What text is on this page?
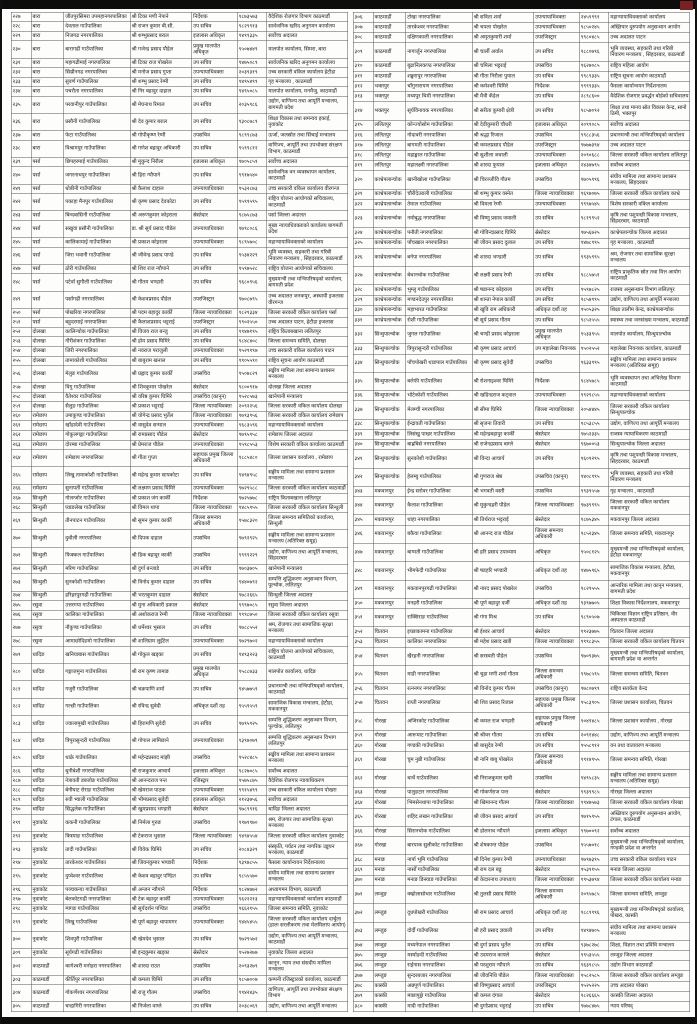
२२७	बारा	जीतपुरसिमरा उपमहानगरपालिका	श्री टिका मणी नेपाने	निर्देशक	९८७३५७३	वैदेशिक रोजगार विभाग काठमाडौं
२२८	बारा	देवताल गाउँपालिका	श्री राजन कुमार बी.सी.	उप सचिव	९८२९९१३	सार्वजनिक खरिद अनुगमन कार्यालय
२२९	बारा	निजगढ नगरपालिका	श्री शम्भुप्रसाद बराल	इजलास अधिकृत	९४९९३३५	सर्वोच्च अदालत
२३०	बारा	बारागढी गाउँपालिका	श्री गजेन्द्र प्रसाद पौडेल	प्रमुख मालपोत अधिकृत	९५०७४४९	मालपोत कार्यालय, सिमरा, बारा
२३१	बारा	महागढीमाई नगरपालिका	श्री टिका राज पोखरेल	उप सचिव	९४७५०८९	सार्वजनिक खरिद अनुगमन कार्यालय
२३२	बारा	सिम्रौनगढ नगरपालिका	श्री मनोज प्रसाद गुप्ता	उपन्यायाधिवक्ता	२०३९३१९	उच्च सरकारी वकिल कार्यालय हेटौडा
२३३	बारा	सुवर्ण गाउँपालिका	श्री शम्भु प्रसाद रेग्मी	उप सचिव	९४९५४९९	गृह मन्त्रालय , काठमाडौं
२३४	बारा	पचरौता नगरपालिका	श्री निर बहादुर दाहाल	उप सचिव	९४९५०८५	मालपोत कार्यालय, मनमैजु, काठमाडौं
२३५	बारा	परवानीपुर गाउँपालिका	श्री मेघनाथ रिमाल	उप सचिव	२०३५९८६	उद्योग, वाणिज्य तथा आपूर्ति मन्त्रालय, बागमती प्रदेश
२३६	बारा	प्रसौनी गाउँपालिका	श्री देव कुमार बराल	उप सचिव	९३०८७८९	शिक्षा विकास तथा समन्वय इकाई, नुवाकोट
२३७	बारा	फेटा गाउँपालिका	श्री गोपीकृष्ण रेग्मी	उपसचिव	९८९९८७३	ऊर्जा, जलस्रोत तथा सिंचाई मन्त्रालय
२३८	बारा	विश्रामपुर गाउँपालिका	श्री गणेश बहादुर अधिकारी	उप सचिव	९५९९८१२	वाणिज्य, आपूर्ति तथा उपभोक्ता संरक्षण विभाग, काठमाडौं
२३९	पर्सा	छिपहरमाई गाउँपालिका	श्री मुकुन्द निरौला	इजलास अधिकृत	९७०५८५९	सर्वोच्च अदालत
२४०	पर्सा	जगरनाथपुर गाउँपालिका	श्री हिरा न्यौपाने	उप सचिव	९९१७५४०	सार्वजनिक वन व्यवस्थापन कार्यालय, काठमाडौं
२४१	पर्सा	धोबीनी गाउँपालिका	श्री कैलाश दाहाल	उपन्यायाधिवक्ता	९५३२८७३	उच्च सरकारी वकिल कार्यालय वीरगन्ज
२४२	पर्सा	पकाहा मैनपुर गाउँपालिका	श्री कृष्ण प्रसाद देवकोटा	उप सचिव	९५९९५९५	राष्ट्रिय योजना आयोगको सचिवालय, काठमाडौं
२४३	पर्सा	बिन्दबासिनी गाउँपालिका	श्री अरुणकुमार कोइराला	स्रेस्तेदार	९८७५८७३	पर्सा जिल्ला अदालत
२४४	पर्सा	सखुवा प्रसौनी गाउँपालिका	डा. श्री सुर्य प्रसाद पौडेल	उपन्यायाधिवक्ता	९७९८०८६	मुख्य न्यायाधिवक्ताको कार्यालय बागमती प्रदेश
२४५	पर्सा	कालिकामाई गाउँपालिका	श्री प्रकाश कोइराला	उपन्यायाधिवक्ता	९८९५७०८	महान्यायाधिवक्ताको कार्यालय
२४६	पर्सा	जिरा भवानी गाउँपालिका	श्री जीवेन्द्र प्रसाद पाण्डे	उप सचिव	९५३४२२९	भूमि व्यवस्था, सहकारी तथा गरिबी निवारण मन्त्रालय , सिंहदरबार, काठमाडौं
२४७	पर्सा	ठोरी गाउँपालिका	श्री शिव राज न्यौपाने	उप सचिव	९५९७५२८	राष्ट्रिय योजना आयोगको सचिवालय
२४८	पर्सा	पटेर्वा सुगौली गाउँपालिका	श्री गौतम भण्डारी	उप सचिव	९६८०९५६	मुख्यमन्त्री तथा मन्त्रिपरिषद्को कार्यालय, बागमती प्रदेश
२४९	पर्सा	पर्सागढी नगरपालिका	श्री केशवप्रसाद पौडेल	उपरजिस्ट्रार	९७०८७९५	उच्च अदालत जनकपुर, अस्थायी इजलास वीरगन्ज
२५०	पर्सा	पोखरिया नगरपालिका	श्री पदम बहादुर कार्की	जिल्ला न्यायाधिवक्ता	९८२९३३४	जिल्ला सरकारी वकिल कार्यालय पर्सा
२५१	पर्सा	बहुदरमाई नगरपालिका	श्री कैलाशप्रसाद भट्टराई	उपरजिस्ट्रार	९९०२५५०	उच्च अदालत पाटन, हेटौडा इजलास
२५२	दोलखा	कालिन्चोक गाउँपालिका	श्री विजय राज बन्जु	उप सचिव	९९४७१९५	राष्ट्रिय किताबखाना ललितपुर
२५३	दोलखा	गौरीशंकर गाउँपालिका	श्री होम प्रसाद घिमिरे	उप सचिव	९८४८४०८	जिल्ला समन्वय समिति, दोलखा
२५४	दोलखा	जिरी नगरपालिका	श्री नवराज पराजुली	उपन्यायाधिवक्ता	९५२९९९७	उच्च सरकारी वकिल कार्यालय पाटन
२५५	दोलखा	तामाकोशी गाउँपालिका	श्री बाबुराम खनाल	उप सचिव	९९०५५९०	राष्ट्रिय सूचना आयोग काठमाडौं
२५६	दोलखा	मेलुङ गाउँपालिका	श्री प्रह्लाद कुमार कार्की	उपसचिव	९५०७८२९	सङ्घीय मामिला तथा सामान्य प्रशासन मन्त्रालय
२५७	दोलखा	विगु गाउँपालिका	श्री शिवकुमार पोखरेल	स्रेस्तेदार	९८००९१७	दोलखा जिल्ला अदालत
२५८	दोलखा	वैतेश्वर गाउँपालिका	श्री वरिष्ठ कुमार घिमिरे	उपसचिव (कानून)	९५२८५७३	खानेपानी मन्त्रालय
२५९	दोलखा	सैलुङ गाउँपालिका	श्री प्रकाश भट्टराई	जिल्ला न्यायाधिवक्ता	२०९२२५६	जिल्ला सरकारी वकिल कार्यालय दोलखा
२६०	रामेछाप	उमाकुण्ड गाउँपालिका	श्री योगेन्द्र प्रसाद भुर्तेल	जिल्ला न्यायाधिवक्ता	९७९३९५६	जिल्ला सरकारी वकिल कार्यालय रामेछाप
२६१	रामेछाप	खाँडादेवी गाउँपालिका	श्री वासुदेव सन्माल	उपन्यायाधिवक्ता	९६८३५९६	महान्यायाधिवक्ताको कार्यालय
२६२	रामेछाप	गोकुलगङ्गा गाउँपालिका	श्री रामप्रसाद पौडेल	स्रेस्तेदार	९७९५९५८	रामेछाप जिल्ला अदालत
२६३	रामेछाप	दोरम्बा गाउँपालिका	श्री प्रेमराज पौडेल	उपन्यायाधिवक्ता	९५९८५५३	विशेष सरकारी वकिल कार्यालय काठमाडौं
२६४	रामेछाप	रामेछाप नगरपालिका	श्री गीता गुप्ता	सहायक प्रमुख जिल्ला अधिकारी	९८८५४८०	जिल्ला प्रशासन कार्यालय , रामेछाप
२६५	रामेछाप	लिखु तामाकोशी गाउँपालिका	श्री महेन्द्र कुमार सापकोटा	उप सचिव	९४९४९५८	सङ्घीय मामिला तथा सामान्य प्रशासन मन्त्रालय
२६६	रामेछाप	सुनापती गाउँपालिका	श्री लक्ष्मण प्रसाद घिमिरे	उपन्यायाधिवक्ता	९७२९५८८	जिल्ला सरकारी वकिल कार्यालय काठमाडौं
२६७	सिन्धुली	गोलन्जोर गाउँपालिका	श्री प्रकाश जंग कार्की	निर्देशक	९७२५७७८	राष्ट्रिय किताबखाना ललितपुर
२६८	सिन्धुली	घ्याङलेख गाउँपालिका	श्री विमल थापा	जिल्ला न्यायाधिवक्ता	९४८५९५५	जिल्ला सरकारी वकिल कार्यालय सिन्धुली
२६९	सिन्धुली	तीनपाटन गाउँपालिका	श्री सुमन कुमार कार्की	जिल्ला समन्वय अधिकारी	९५७८३२०	जिल्ला समन्वय समितिको कार्यालय, सिन्धुली
२७०	सिन्धुली	दुधौली नगरपालिका	श्री दिपक दाहाल	उपसचिव	९७९२९२५	सङ्घीय मामिला तथा सामान्य प्रशासन मन्त्रालय (अतिरिक्त समूह)
२७१	सिन्धुली	फिक्कल गाउँपालिका	श्री डिक बहादुर कार्की	उपसचिव	९९९९२२९	उद्योग, वाणिज्य तथा आपूर्ति मन्त्रालय, सिंहदरबार
२७२	सिन्धुली	मरिण गाउँपालिका	श्री दुर्गा बन्जाडे	उप सचिव	९७०३७०५	खानेपानी मन्त्रालय
२७३	सिन्धुली	सुनकोशी गाउँपालिका	श्री विनोद कुमार दाहाल	उप सचिव	९४४०७९२	सम्पत्ति शुद्धिकरण अनुसन्धान विभाग, पुल्चोक, ललितपुर
२७४	सिन्धुली	हरिहरपुरगढी गाउँपालिका	श्री भरतकुमार दाहाल	स्रेस्तेदार	९७८२६६५	सिन्धुली जिल्ला अदालत
२७५	रसुवा	उत्तरगया गाउँपालिका	श्री मुना अधिकारी ढकाल	स्रेस्तेदार	९९९७०८५	रसुवा जिल्ला अदालत
२७६	रसुवा	कालिका गाउँपालिका	श्री अशोकराज रेग्मी	जिल्ला न्यायाधिवक्ता	९९९८७५०	जिल्ला सरकारी वकिल कार्यालय रसुवा
२७७	रसुवा	नौकुण्ड गाउँपालिका	श्री धर्मेश्वर भुसाल	उप सचिव	९७८८५५२	श्रम, रोजगार तथा सामाजिक सुरक्षा मन्त्रालय
२७८	रसुवा	आमाछोदिङमो गाउँपालिका	श्री शालिग्राम लुइँटेल	उपन्यायाधिवक्ता	९७२९७०२	महान्यायाधिवक्ताको कार्यालय
२७९	धादिङ	खनियाबास गाउँपालिका	श्री गोकुल खड्का	उप सचिव	९४९३२२३	राष्ट्रिय योजना आयोगको सचिवालय, काठमाडौं
२८०	धादिङ	गङ्गाजमुना गाउँपालिका	श्री राम कृष्ण तामाङ	प्रमुख मालपोत अधिकृत	९५८८७३३	मालपोत कार्यालय, धादिङ
२८१	धादिङ	गजुरी गाउँपालिका	श्री चक्रपाणि शर्मा	उप सचिव	९४५७७५९	प्रधानमन्त्री तथा मन्त्रिपरिषद्को कार्यालय, काठमाडौं
२८२	धादिङ	गल्छी गाउँपालिका	श्री रविन्द्र सुवेदी	अधिकृत दशौं तह	९५५९५५९	सामाजिक विकास मन्त्रालय, हेटौडा, मकवानपुर
२८३	धादिङ	ज्वालामूखी गाउँपालिका	श्री हिरामणि सुवेदी	उप सचिव	९७९५९२५	सम्पत्ति शुद्धिकरण अनुसन्धान विभाग, पुल्चोक, ललितपुर
२८४	धादिङ	त्रिपुरासुन्दरी गाउँपालिका	श्री गोपाल लामिछाने	उपन्यायाधिवक्ता	९३९७०७९	सम्पत्ति शुद्धिकरण अनुसन्धान विभाग ललितपुर
२८५	धादिङ	थाक्रे गाउँपालिका	श्री महेन्द्रप्रसाद मांझी	उपसचिव	९५२८४८५	सङ्घीय मामिला तथा सामान्य प्रशासन मन्त्रालय
२८६	धादिङ	धुनीबेशी नगरपालिका	श्री राजकुमार आचार्य	इजलास अधिकृत	९८२७०८५	सर्वोच्च अदालत
२८७	धादिङ	नेत्रावती डबजोङ गाउँपालिका	श्री आनन्दराज पन्त	रजिस्ट्रार	९५७५८७५	वैदेशिक रोजगार न्यायाधिकरण
२८८	धादिङ	बेनीघाट रोराङ गाउँपालिका	श्री खेमराज पाठक	उपन्यायाधिवक्ता	९९१५४९९	उच्च सरकारी वकिल कार्यालय पोखरा
२८९	धादिङ	रुवी भ्याली गाउँपालिका	श्री भीमप्रसाद सुवेदी	इजलास अधिकृत	२१२३७५६	सर्वोच्च अदालत
२९०	धादिङ	सिद्धलेक गाउँपालिका	श्री खुमप्रसाद भण्डारी	स्रेस्तेदार	९७८९९१६	धादिङ जिल्ला अदालत
२९१	नुवाकोट	ककनी गाउँपालिका	श्री निर्मला गुरुङ	उपसचिव	९९७९९७०	श्रम, रोजगार तथा सामाजिक सुरक्षा मन्त्रालय
२९२	नुवाकोट	किस्पाङ गाउँपालिका	श्री टेकराज भुसाल	जिल्ला न्यायाधिवक्ता	९४९४५५४	जिल्ला सरकारी वकिल कार्यालय नुवाकोट
२९३	नुवाकोट	तादी गाउँपालिका	श्री विवेक घिमिरे	उप सचिव	२०८४३२९	संस्कृति, पर्यटन तथा नागरिक उड्डयन मन्त्रालय, काठमाडौं
२९४	नुवाकोट	तारकेश्वर गाउँपालिका	श्री जिवनकुमार भण्डारी	निर्देशक	९३९७८५५	फैसला कार्यान्वयन निर्देशनालय
२९५	नुवाकोट	दुप्चेश्वर गाउँपालिका	श्री केशव बहादुर पण्डित	उप सचिव	९८५५५७०	संघीय मामिला तथा सामान्य प्रशासन मन्त्रालय
२९६	नुवाकोट	पञ्चकन्या गाउँपालिका	श्री अन्जन न्यौपाने	निर्देशक	९८२४७७२	अध्यागमन विभाग, काठमाडौं
२९७	नुवाकोट	बेलकोटगढी नगरपालिका	श्री टेक बहादुर कार्की	उपन्यायाधिवक्ता	९६२२२१३	महान्यायाधिवक्ताको कार्यालय काठमाडौं
२९८	नुवाकोट	म्यगङ गाउँपालिका	श्री सूर्यदर्शन पण्डित	उपसचिव	९६६२१५५	जिल्ला समन्वय समिति, नुवाकोट
२९९	नुवाकोट	लिखु गाउँपालिका	श्री पूर्ण बहादुर थापामगर	उपन्यायाधिवक्ता	९४४५४५५	जिल्ला सरकारी वकिल कार्यालय दार्चुला (हालः सरलीकरण तथा मेलमिलाप आयोग)
३००	नुवाकोट	शिवपुरी गाउँपालिका	श्री खेमदेव भुसाल	उप सचिव	९७२९५७२	उद्योग, वाणिज्य तथा आपूर्ति मन्त्रालय, काठमाडौं
३०१	नुवाकोट	सूर्यगढी गाउँपालिका	श्री इन्द्रकुमार खड्का	स्रेस्तेदार	९५२७२७७	नुवाकोट जिल्ला अदालत
३०२	काठमाडौं	कागेश्वरी मनोहरा नगरपालिका	श्री शारदा राउत	उपसचिव	२०९३२७९	कानून, न्याय तथा संसदीय मामिला मन्त्रालय
३०३	काठमाडौं	कीर्तिपुर नगरपालिका	श्री कमला घिमिरे	उप सचिव	९८५७००७	कम्पनी रजिस्ट्रारको कार्यालय, काठमाडौं
३०४	काठमाडौं	गोकर्णेश्वर नगरपालिका	श्री राजु गौतम	उपसचिव	९९४२४३५	वाणिज्य, आपूर्ति तथा उपभोक्ता संरक्षण विभाग
३०५	काठमाडौं	चन्द्रागिरी नगरपालिका	श्री निर्जला वाग्ले	उप सचिव	२०३८०६९	उद्योग, वाणिज्य तथा आपूर्ति मन्त्रालय
३०६	काठमाडौं	टोखा नगरपालिका	श्री सविता शर्मा	उपन्यायाधिवक्ता	२४५९९९१	महान्यायाधिवक्ताको कार्यालय
३०७	काठमाडौं	तारकेश्वर नगरपालिका	श्री चपला पोखरेल	उपन्यायाधिवक्ता	९८५०२४५	अख्तियार दुरुपयोग अनुसन्धान आयोग
३०८	काठमाडौं	दक्षिणकाली नगरपालिका	श्री अमृतकुमारी शर्मा	उपरजिस्ट्रार	९९८०४८५	उच्च अदालत पाटन
३०९	काठमाडौं	नागार्जुन नगरपालिका	श्री चार्ली अर्याल	उप सचिव	९८८०७९६	भूमि व्यवस्था, सहकारी तथा गरिबी निवारण मन्त्रालय , सिंहदरबार, काठमाडौं
३१०	काठमाडौं	बुढानिलकण्ठ नगरपालिका	श्री चमिला भट्टराई	उपसचिव	९६२७०८५	राष्ट्रिय महिला आयोग
३११	काठमाडौं	शङ्खरापुर नगरपालिका	श्री गीता निरौला पुयाल	उप सचिव	९९८९३३५	राष्ट्रिय सूचना आयोग काठमाडौं
३१२	भक्तपुर	चाँगुनारायण नगरपालिका	श्री कमेश्वरी घिमिरे	निर्देशक	९९९९३३५	फैसला कार्यान्वयन निर्देशनालय
३१३	भक्तपुर	मध्यपुर थिमी नगरपालिका	श्री मैत्री कँडेल	उप सचिव	२८९८६००	वैदेशिक रोजगार प्रवर्द्धन बोर्डको सचिवालय
३१४	भक्तपुर	सूर्यविनायक नगरपालिका	श्री सरीता कुमारी क्षेत्री	उप सचिव	९८५७०९२	शिक्षा तथा मानव स्रोत विकास केन्द्र, सानो ठिमी, भक्तपुर
३१५	ललितपुर	कोन्ज्योसोम गाउँपालिका	श्री देवीकुमारी चौधरी	इजलास अधिकृत	२०९९०८५	सर्वोच्च अदालत
३१६	ललितपुर	गोदावरी नगरपालिका	श्री श्रद्धा रिजाल	उपसचिव	९९८८३५६	प्रधानमन्त्री तथा मन्त्रिपरिषद्को कार्यालय
३१७	ललितपुर	बागमती गाउँपालिका	श्री कमलप्रसाद पौडेल	उपरजिस्ट्रार	९७७७३९४	उच्च अदालत पाटन
३१८	ललितपुर	महाङ्काल गाउँपालिका	श्री सुशीला जवाली	उपन्यायाधिवक्ता	२०९०६८८	जिल्ला सरकारी वकिल कार्यालय ललितपुर
३१९	ललितपुर	महालक्ष्मी नगरपालिका	श्री शारदा फुयाल	इजलास अधिकृत	२४३४७९५	सर्वोच्च अदालत
३२०	काभ्रेपलान्चोक	खानीखोला गाउँपालिका	श्री चिरञ्जीवि गौतम	उपसचिव	९७०५९९६	संघीय मामिला तथा सामान्य प्रशासन मन्त्रालय, सिंहदरबार
३२१	काभ्रेपलान्चोक	चौरीदेउराली गाउँपालिका	श्री शम्भु कुमार वस्नेत	जिल्ला न्यायाधिवक्ता	९६९७०७५	जिल्ला सरकारी वकिल कार्यालय काभ्रे
३२२	काभ्रेपलान्चोक	तेमाल गाउँपालिका	श्री विमला रेग्मी	उपन्यायाधिवक्ता	९९९७५४५	विशेष सरकारी वकिल कार्यालय
३२३	काभ्रेपलान्चोक	नमोबुद्ध नगरपालिका	श्री विष्णु प्रसाद जवाली	उप सचिव	९८१९९५२	कृषि तथा पशुपन्छी विकास मन्त्रालय, सिंहदरबार, काठमाडौं
३२४	काभ्रेपलान्चोक	पनौती नगरपालिका	श्री गोविन्दप्रसाद घिमिरे	स्रेस्तेदार	९७५६७२५	काभ्रेपलान्चोक जिल्ला अदालत
३२५	काभ्रेपलान्चोक	पाँचखाल नगरपालिका	श्री जीवन प्रसाद दुलाल	उप सचिव	९४७८९९५	गृह मन्त्रालय , काठमाडौं
३२६	काभ्रेपलान्चोक	बनेपा नगरपालिका	श्री शारदा भण्डारी	उप सचिव	९९३५९९५	श्रम, रोजगार तथा सामाजिक सुरक्षा मन्त्रालय
३२७	काभ्रेपलान्चोक	बेथानचोक गाउँपालिका	श्री लक्ष्मी प्रसाद रेग्मी	उप सचिव	९८८५७५१	राष्ट्रिय प्राकृतिक स्रोत तथा वित्त आयोग काठमाडौं
३२८	काभ्रेपलान्चोक	भुम्लु गाउँपालिका	श्री षडानन्द कोइराला	उप सचिव	९५९७८२५	राजस्व अनुसन्धान विभाग ललितपुर
३२९	काभ्रेपलान्चोक	मण्डनदेउपुर नगरपालिका	श्री शान्ता नेपाल कार्की	उप सचिव	९८५४९९५	उद्योग, वाणिज्य तथा आपूर्ति मन्त्रालय
३३०	काभ्रेपलान्चोक	महाभारत गाउँपालिका	श्री खुवि राम अधिकारी	अधिकृत दशौं तह	९५०५३२५	शिक्षा तालीम केन्द्र, काभ्रेपलान्चोक
३३१	काभ्रेपलान्चोक	रोशी गाउँपालिका	श्री सूर्य प्रसाद गौतम	उप सचिव	९८५२५५५	स्वास्थ्य तथा जनसंख्या मन्त्रालय, काठमाडौं
३३२	सिन्धुपाल्चोक	जुगल गाउँपालिका	श्री चण्डी प्रसाद कोइराला	प्रमुख मालपोत अधिकृत	९५३३९५५	मालपोत कार्यालय, सिन्धुपाल्चोक
३३३	सिन्धुपाल्चोक	त्रिपुरासुन्दरी गाउँपालिका	श्री कृष्ण प्रसाद आचार्य	उप महालेखा नियन्त्रक	९५०२५५२	महालेखा नियन्त्रक कार्यालय, काठमाडौं
३३४	सिन्धुपाल्चोक	पाँचपोखरी थाङपाल गाउँपालिका	श्री कृष्ण प्रसाद सुवेदी	उपसचिव	९६३३९९५	सङ्घीय मामिला तथा सामान्य प्रशासन मन्त्रालय (अतिरिक्त समूह)
३३५	सिन्धुपाल्चोक	बलेफी गाउँपालिका	श्री रोशनाइश्वर घिमिरे	निर्देशक	९८४५७८५	भूमि व्यवस्थापन तथा अभिलेख विभाग काठमाडौं
३३६	सिन्धुपाल्चोक	भोटेकोशी गाउँपालिका	श्री खडिन्द्रराज कट्वाल	उपन्यायाधिवक्ता	९९२९८५५	महान्यायाधिवक्ताको कार्यालय
३३७	सिन्धुपाल्चोक	मेलम्ची नगरपालिका	श्री सीमा घिमिरे	जिल्ला न्यायाधिवक्ता	२०५४४४५	जिल्ला सरकारी वकिल कार्यालय सिन्धुपाल्चोक
३३८	सिन्धुपाल्चोक	ईन्द्रावती गाउँपालिका	श्री सृजना तिवारी	उप सचिव	९८५३८५५	उद्योग, वाणिज्य तथा आपूर्ति मन्त्रालय
३३९	सिन्धुपाल्चोक	लिसंखु पाखर गाउँपालिका	श्री महेन्द्रबहादुर कार्की	स्रेस्तेदार	९७५२३३५	राजस्व न्यायाधिकरण काठमाडौं
३४०	सिन्धुपाल्चोक	बाह्रबिसे नगरपालिका	श्री राजेन्द्रप्रसाद बाग्ले	स्रेस्तेदार	९६७००५३	सिन्धुपाल्चोक जिल्ला अदालत
३४१	सिन्धुपाल्चोक	सुनकोशी गाउँपालिका	श्री विन्दा आचार्य	उप सचिव	९६०९२९५	कृषि तथा पशुपन्छी विकास मन्त्रालय, सिंहदरबार, काठमाडौं
३४२	सिन्धुपाल्चोक	हेलम्बु गाउँपालिका	श्री गुणराज श्रेष्ठ	उपसचिव (कानून)	९४०८९९५	भूमि व्यवस्था, सहकारी तथा गरिबी निवारण मन्त्रालय
३४३	मकवानपुर	ईन्द्र सरोवर गाउँपालिका	श्री भगवती वस्ती	उपसचिव	९९३९५५७	गृह मन्त्रालय , काठमाडौं
३४४	मकवानपुर	कैलाश गाउँपालिका	श्री मुकुन्दहरी पौडेल	जिल्ला न्यायाधिवक्ता	९७३९९९५	जिल्ला सरकारी वकिल कार्यालय मकवानपुर
३४५	मकवानपुर	थाहा नगरपालिका	श्री तिर्थराज भट्टराई	स्रेस्तेदार	९८७५३४५	मकवानपुर जिल्ला अदालत
३४६	मकवानपुर	बकैया गाउँपालिका	श्री आनन्द राज पौडेल	जिल्ला समन्वय अधिकारी	९८५२३४५	जिल्ला समन्वय समिति, मकवानपुर
३४७	मकवानपुर	बाग्मती गाउँपालिका	श्री हरि प्रसाद उपाध्याय	अधिकृत	९५०८१२५	मुख्यमन्त्री तथा मन्त्रिपरिषद्को कार्यालय, हेटौडा मकवानपुर
३४८	मकवानपुर	भीमफेदी गाउँपालिका	श्री षडहरि भण्डारी	अधिकृत दशौं तह	९४७५९६५	सामाजिक विकास मन्त्रालय, हेटौडा, मकवानपुर
३४९	मकवानपुर	मकवानपुरगढी गाउँपालिका	श्री नारद प्रसाद पोखरेल	उपसचिव	९८२९५५५	आन्तरिक मामिला तथा कानून मन्त्रालय, बागमती प्रदेश
३५०	मकवानपुर	मनहरी गाउँपालिका	श्री पूर्ण बहादुर दर्जी	अधिकृत दशौं तह	९३९७७०५	शिक्षा विकास निर्देशनालय, मकवानपुर
३५१	मकवानपुर	राक्सिराङ गाउँपालिका	श्री गंगा मिश्र	उप सचिव	९८९०५०७	चिकित्सा विज्ञान राष्ट्रिय प्रतिष्ठान, वीर अस्पताल काठमाडौं
३५२	चितवन	इच्छाकामना गाउँपालिका	श्री ईश्वर आचार्य	स्रेस्तेदार	९९२३७७५	चितवन जिल्ला अदालत
३५३	चितवन	कालिका नगरपालिका	श्री महेश प्रसाद खत्री	जिल्ला न्यायाधिवक्ता	९९९८३५५	जिल्ला सरकारी वकिल कार्यालय चितवन
३५४	चितवन	खैरहनी नगरपालिका	श्री सरस्वती पौडेल	उपसचिव	९७०९३७५	मुख्यमन्त्री तथा मन्त्रिपरिषद्को कार्यालय, बागमती प्रदेश वा अन्तर्गत
३५५	चितवन	माडी नगरपालिका	श्री चुडा मणी शर्मा गौतम	जिल्ला समन्वय अधिकारी	९९७८५९५	जिल्ला समन्वय समिति, चितवन
३५६	चितवन	रत्ननगर नगरपालिका	श्री विनोद कुमार गौतम	उपसचिव (कानून)	९७८०७९९	राष्ट्रिय सतर्कता केन्द्र
३५७	चितवन	राप्ती नगरपालिका	श्री शिव प्रसाद रिजाल	सहायक प्रमुख जिल्ला अधिकारी	९५८३९०५	जिल्ला प्रशासन कार्यालय, चितवन
३५८	गोरखा	अजिरकोट गाउँपालिका	श्री कमल राज भण्डारी	सहायक प्रमुख जिल्ला अधिकारी	९०४९४८५	जिल्ला प्रशासन कार्यालय , गोरखा
३५९	गोरखा	आरूघाट गाउँपालिका	श्री श्रीधर गौतम	उप सचिव	२०९१४४८	उद्योग, वाणिज्य तथा आपूर्ति मन्त्रालय
३६०	गोरखा	गण्डकी गाउँपालिका	श्री बासुदेव रेग्मी	उप सचिव	९५५८९१२	वन तथा वातावरण मन्त्रालय
३६१	गोरखा	चुम नुब्री गाउँपालिका	श्री नानि बाबु पोखरेल	जिल्ला समन्वय अधिकारी	९९१४९५५	जिल्ला समन्वय समिति, गोरखा
३६२	गोरखा	धार्चे गाउँपालिका	श्री निराजकुमार खत्री	उपसचिव	९४९५८३५	सङ्घीय मामिला तथा सामान्य प्रशासन मन्त्रालय (अतिरिक्त समूह)
३६३	गोरखा	पालुङटार नगरपालिका	श्री गोकर्णराज पन्त	स्रेस्तेदार	९९३९९८५	गोरखा जिल्ला अदालत
३६४	गोरखा	भिमसेनथापा गाउँपालिका	श्री खिमानन्द गौतम	जिल्ला न्यायाधिवक्ता	९९४७५७३	जिल्ला सरकारी वकिल कार्यालय गोरखा
३६५	गोरखा	शहिद लखन गाउँपालिका	श्री जीवन प्रसाद आचार्य	उप सचिव	९७१५९५५	अख्तियार दुरुपयोग अनुसन्धान आयोग, टंगाल, काठमाडौं
३६६	गोरखा	सिरानचोक गाउँपालिका	श्री डोलनाथ न्यौपाने	इजलास अधिकृत	९९७००९२	सर्वोच्च अदालत
३६७	गोरखा	बारपाक सुलीकोट गाउँपालिका	श्री शेषकान्त पौडेल	उपसचिव	९५५७०१८	मुख्यमन्त्री तथा मन्त्रिपरिषद्को कार्यालय, गण्डकी प्रदेश वा अन्तर्गत
३६८	मनाङ	नार्पा भूमि गाउँपालिका	श्री दिनेश कुमार रेग्मी	उपन्यायाधिवक्ता	९७९७३९५	उच्च सरकारी वकिल कार्यालय पाटन
३६९	मनाङ	नासोँ गाउँपालिका	श्री राम दल बडु	स्रेस्तेदार	९५३९१५५	मनाङ जिल्ला अदालत
३७०	मनाङ	मनाङ ङिस्याङ गाउँपालिका	श्री केदारनाथ उपाध्याय	जिल्ला न्यायाधिवक्ता	९९५३७९४	जिल्ला सरकारी वकिल कार्यालय मनाङ
३७१	लम्जुङ	क्व्होलासोथार गाउँपालिका	श्री तुलसी प्रसाद घिमिरे	जिल्ला समन्वय अधिकारी	२०९५७८५	जिल्ला समन्वय समिति, लम्जुङ
३७२	लम्जुङ	दूधपोखरी गाउँपालिका	श्री राम प्रसाद आचार्य	अधिकृत दशौं तह	९८८९९९६	मुख्यमन्त्री तथा मन्त्रिपरिषद्को कार्यालय, पोखरा, कास्की
३७३	लम्जुङ	दोर्दी गाउँपालिका	श्री हरी प्रसाद ज्ञवाली	उप सचिव	९४९४७०५	संघीय मामिला तथा सामान्य प्रशासन मन्त्रालय
३७४	लम्जुङ	मध्यनेपाल नगरपालिका	श्री दुर्गा प्रसाद भुर्तेल	उप सचिव	९३७८२७८	शिक्षा, विज्ञान तथा प्रविधि मन्त्रालय
३७५	लम्जुङ	मर्स्याङदी गाउँपालिका	श्री उदयराज काफ्ले	स्रेस्तेदार	९९५३५५५	लम्जुङ जिल्ला अदालत
३७६	लम्जुङ	राईनास नगरपालिका	श्री परशुराम न्यौपाने	उप सचिव	९६३९८५५	उद्योग विभाग काठमाडौं
३७७	लम्जुङ	सुन्दरबजार नगरपालिका	श्री जीवनिधि पौडेल	जिल्ला न्यायाधिवक्ता	९५८२५८५	जिल्ला सरकारी वकिल कार्यालय लम्जुङ
३७८	कास्की	अन्नपूर्ण गाउँपालिका	श्री विष्णुप्रसाद आचार्य	उपरजिस्ट्रार	९५२५२२५	उच्च अदालत पोखरा
३७९	कास्की	माछापुछ्रे गाउँपालिका	श्री कमल दंगाल	स्रेस्तेदार	९८२६६६५	कास्की जिल्ला अदालत
३८०	कास्की	मादी गाउँपालिका	श्री दुर्गाप्रसाद भट्टराई	उप सचिव	९७७८४७५	न्याय परिषद्
